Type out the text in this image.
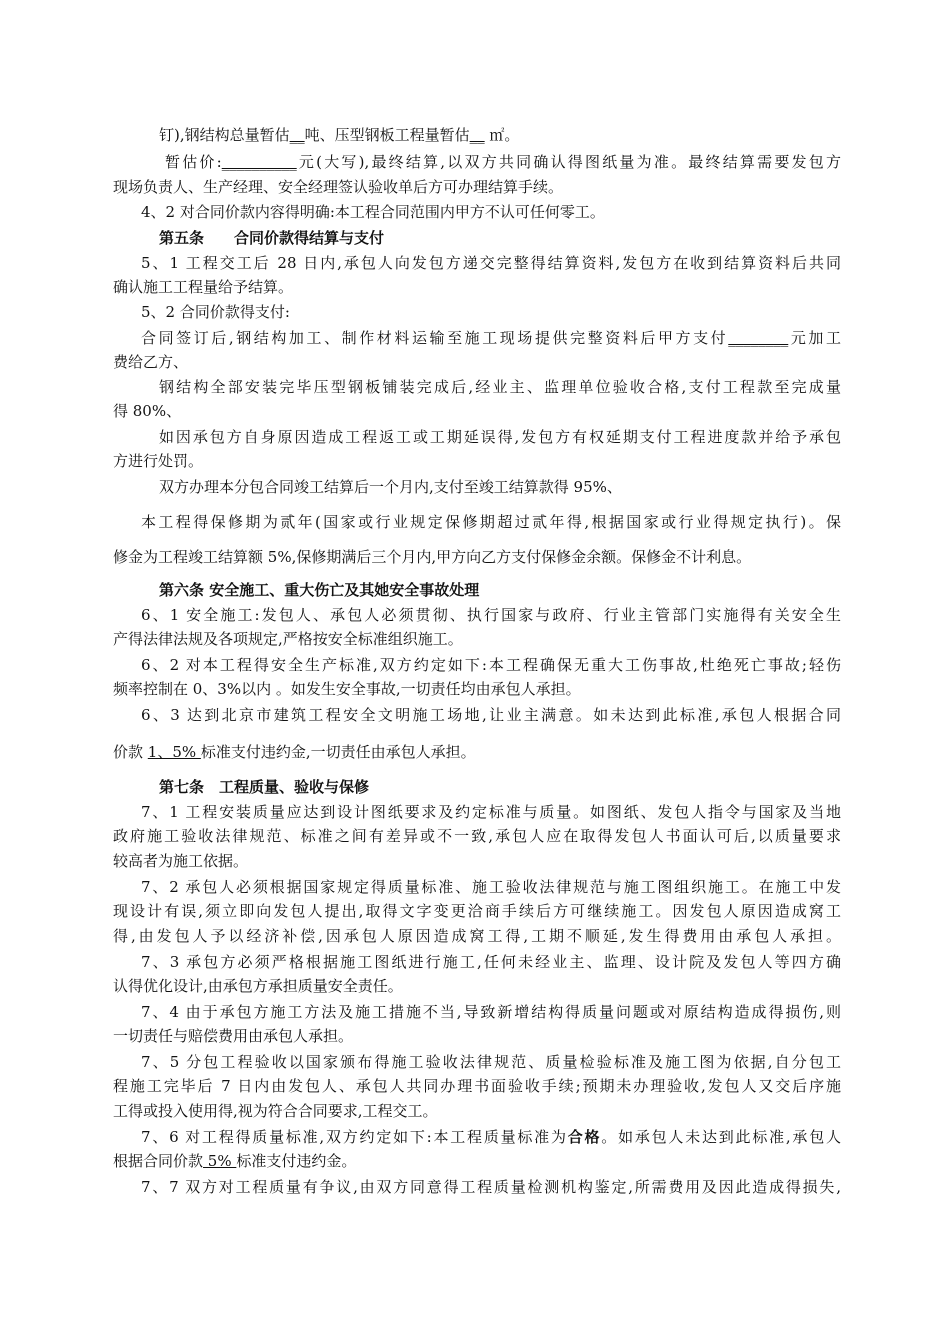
钉),钢结构总量暂估__吨、压型钢板工程量暂估__ ㎡。
暂估价:__________元(大写),最终结算,以双方共同确认得图纸量为准。最终结算需要发包方
现场负责人、生产经理、安全经理签认验收单后方可办理结算手续。
4、2 对合同价款内容得明确:本工程合同范围内甲方不认可任何零工。
第五条　　合同价款得结算与支付
5、1 工程交工后 28 日内,承包人向发包方递交完整得结算资料,发包方在收到结算资料后共同
确认施工工程量给予结算。
5、2 合同价款得支付:
合同签订后,钢结构加工、制作材料运输至施工现场提供完整资料后甲方支付________元加工
费给乙方、
钢结构全部安装完毕压型钢板铺装完成后,经业主、监理单位验收合格,支付工程款至完成量
得 80%、
如因承包方自身原因造成工程返工或工期延误得,发包方有权延期支付工程进度款并给予承包
方进行处罚。
双方办理本分包合同竣工结算后一个月内,支付至竣工结算款得 95%、
本工程得保修期为贰年(国家或行业规定保修期超过贰年得,根据国家或行业得规定执行)。保
修金为工程竣工结算额 5%,保修期满后三个月内,甲方向乙方支付保修金余额。保修金不计利息。
第六条 安全施工、重大伤亡及其她安全事故处理
6、1 安全施工:发包人、承包人必须贯彻、执行国家与政府、行业主管部门实施得有关安全生
产得法律法规及各项规定,严格按安全标准组织施工。
6、2 对本工程得安全生产标准,双方约定如下:本工程确保无重大工伤事故,杜绝死亡事故;轻伤
频率控制在 0、3%以内 。如发生安全事故,一切责任均由承包人承担。
6、3 达到北京市建筑工程安全文明施工场地,让业主满意。如未达到此标准,承包人根据合同
价款 1、5% 标准支付违约金,一切责任由承包人承担。
第七条　工程质量、验收与保修
7、1 工程安装质量应达到设计图纸要求及约定标准与质量。如图纸、发包人指令与国家及当地
政府施工验收法律规范、标准之间有差异或不一致,承包人应在取得发包人书面认可后,以质量要求
较高者为施工依据。
7、2 承包人必须根据国家规定得质量标准、施工验收法律规范与施工图组织施工。在施工中发
现设计有误,须立即向发包人提出,取得文字变更洽商手续后方可继续施工。因发包人原因造成窝工
得,由发包人予以经济补偿,因承包人原因造成窝工得,工期不顺延,发生得费用由承包人承担。
7、3 承包方必须严格根据施工图纸进行施工,任何未经业主、监理、设计院及发包人等四方确
认得优化设计,由承包方承担质量安全责任。
7、4 由于承包方施工方法及施工措施不当,导致新增结构得质量问题或对原结构造成得损伤,则
一切责任与赔偿费用由承包人承担。
7、5 分包工程验收以国家颁布得施工验收法律规范、质量检验标准及施工图为依据,自分包工
程施工完毕后 7 日内由发包人、承包人共同办理书面验收手续;预期未办理验收,发包人又交后序施
工得或投入使用得,视为符合合同要求,工程交工。
7、6 对工程得质量标准,双方约定如下:本工程质量标准为合格。如承包人未达到此标准,承包人
根据合同价款 5% 标准支付违约金。
7、7 双方对工程质量有争议,由双方同意得工程质量检测机构鉴定,所需费用及因此造成得损失,
